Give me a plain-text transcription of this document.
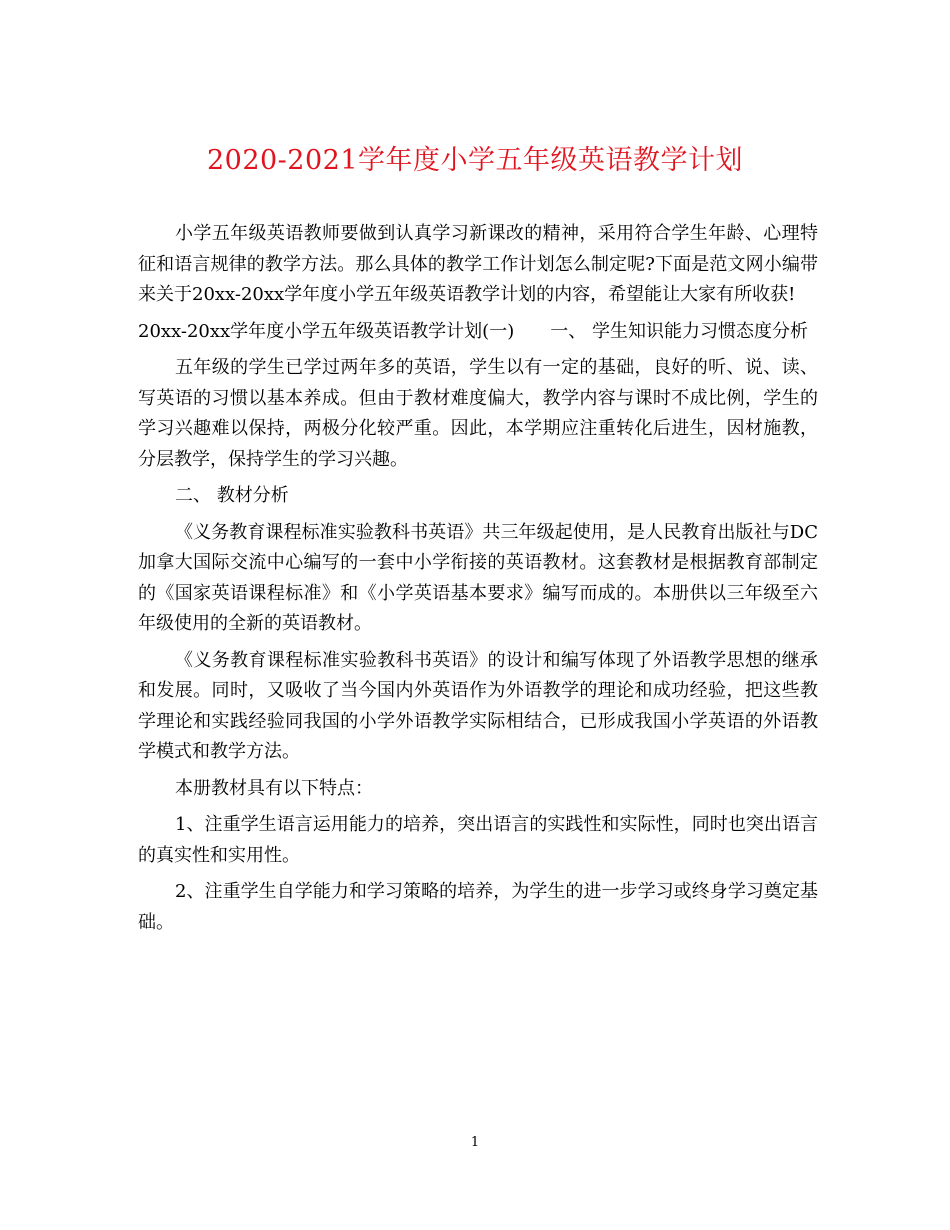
2020-2021学年度小学五年级英语教学计划

小学五年级英语教师要做到认真学习新课改的精神，采用符合学生年龄、心理特征和语言规律的教学方法。那么具体的教学工作计划怎么制定呢?下面是范文网小编带来关于20xx-20xx学年度小学五年级英语教学计划的内容，希望能让大家有所收获!

20xx-20xx学年度小学五年级英语教学计划(一)　　一、 学生知识能力习惯态度分析

五年级的学生已学过两年多的英语，学生以有一定的基础，良好的听、说、读、写英语的习惯以基本养成。但由于教材难度偏大，教学内容与课时不成比例，学生的学习兴趣难以保持，两极分化较严重。因此，本学期应注重转化后进生，因材施教，分层教学，保持学生的学习兴趣。

二、 教材分析

《义务教育课程标准实验教科书英语》共三年级起使用，是人民教育出版社与DC加拿大国际交流中心编写的一套中小学衔接的英语教材。这套教材是根据教育部制定的《国家英语课程标准》和《小学英语基本要求》编写而成的。本册供以三年级至六年级使用的全新的英语教材。

《义务教育课程标准实验教科书英语》的设计和编写体现了外语教学思想的继承和发展。同时，又吸收了当今国内外英语作为外语教学的理论和成功经验，把这些教学理论和实践经验同我国的小学外语教学实际相结合，已形成我国小学英语的外语教学模式和教学方法。

本册教材具有以下特点：

1、注重学生语言运用能力的培养，突出语言的实践性和实际性，同时也突出语言的真实性和实用性。

2、注重学生自学能力和学习策略的培养，为学生的进一步学习或终身学习奠定基础。

1
